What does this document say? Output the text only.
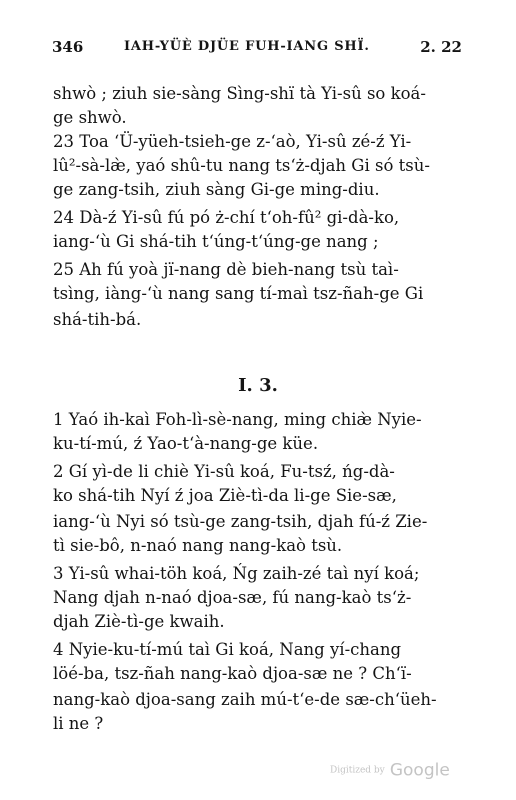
346	IAH-YÜÈ DJÜE FUH-IANG SHÏ.	2. 22
shwò ; ziuh sie-sàng Sìng-shï tà Yi-sû so koá-
ge shwò.
23 Toa ‘Ü-yüeh-tsieh-ge z-‘aò, Yi-sû zé-ź Yi-
lû²-sà-læ̀, yaó shû-tu nang ts‘ż-djah Gi só tsù-
ge zang-tsih, ziuh sàng Gi-ge ming-diu.
24 Dà-ź Yi-sû fú pó ż-chí t‘oh-fû² gi-dà-ko,
iang-‘ù Gi shá-tih t‘úng-t‘úng-ge nang ;
25 Ah fú yoà jï-nang dè bieh-nang tsù taì-
tsìng, iàng-‘ù nang sang tí-maì tsz-ñah-ge Gi
shá-tih-bá.
I. 3.
1 Yaó ih-kaì Foh-lì-sè-nang, ming chiæ̀ Nyie-
ku-tí-mú, ź Yao-t‘à-nang-ge küe.
2 Gí yì-de li chiè Yi-sû koá, Fu-tsź, ńg-dà-
ko shá-tih Nyí ź joa Ziè-tì-da li-ge Sie-sæ,
iang-‘ù Nyi só tsù-ge zang-tsih, djah fú-ź Zie-
tì sie-bô, n-naó nang nang-kaò tsù.
3 Yi-sû whai-töh koá, Ńg zaih-zé taì nyí koá;
Nang djah n-naó djoa-sæ, fú nang-kaò ts‘ż-
djah Ziè-tì-ge kwaih.
4 Nyie-ku-tí-mú taì Gi koá, Nang yí-chang
löé-ba, tsz-ñah nang-kaò djoa-sæ ne ? Ch‘ï-
nang-kaò djoa-sang zaih mú-t‘e-de sæ-ch‘üeh-
li ne ?
Digitized by Google
